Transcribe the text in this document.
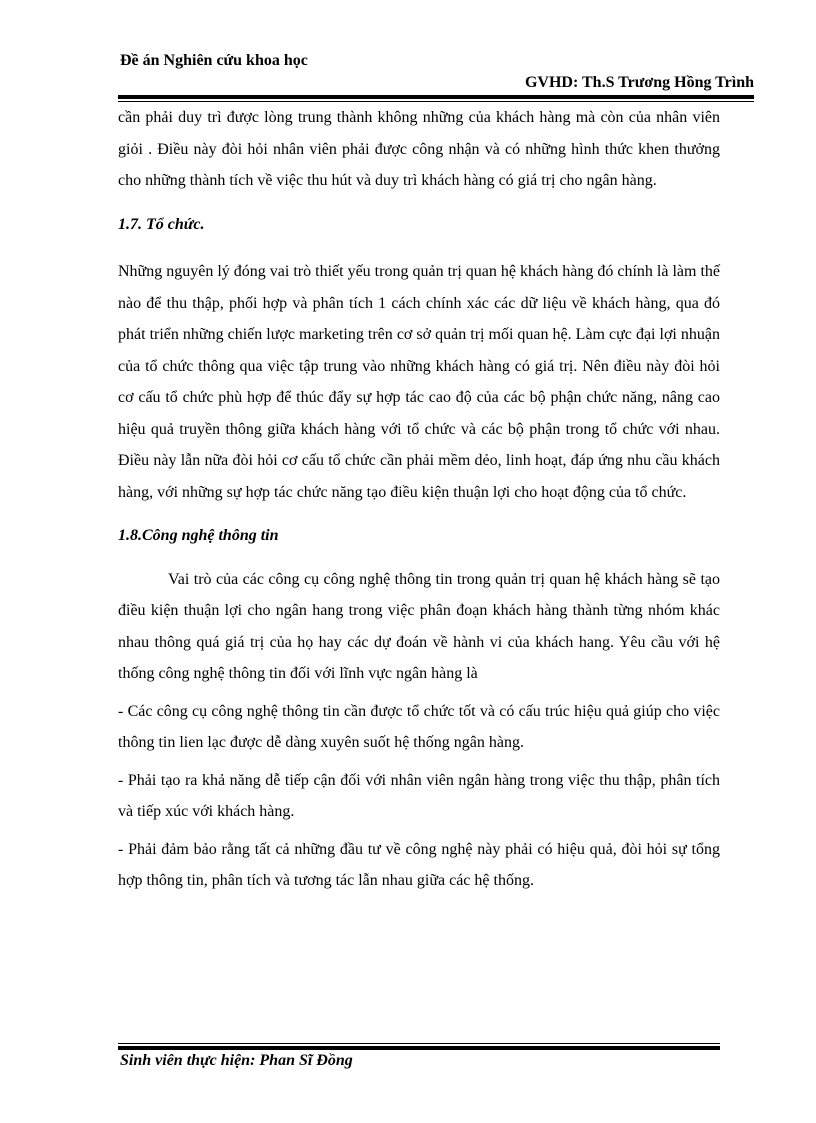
Đề án Nghiên cứu khoa học
GVHD: Th.S Trương Hồng Trình

cần phải duy trì được lòng trung thành không những của khách hàng mà còn của nhân viên giỏi . Điều này đòi hỏi nhân viên phải được công nhận và có những hình thức khen thưởng cho những thành tích về việc thu hút và duy trì khách hàng có giá trị cho ngân hàng.

1.7. Tổ chức.

Những nguyên lý đóng vai trò thiết yếu trong quản trị quan hệ khách hàng đó chính là làm thế nào để thu thập, phối hợp và phân tích 1 cách chính xác các dữ liệu về khách hàng, qua đó phát triển những chiến lược marketing trên cơ sở quản trị mối quan hệ. Làm cực đại lợi nhuận của tổ chức thông qua việc tập trung vào những khách hàng có giá trị. Nên điều này đòi hỏi cơ cấu tổ chức phù hợp để thúc đẩy sự hợp tác cao độ của các bộ phận chức năng, nâng cao hiệu quả truyền thông giữa khách hàng với tổ chức và các bộ phận trong tổ chức với nhau. Điều này lẫn nữa đòi hỏi cơ cấu tổ chức cần phải mềm dẻo, linh hoạt, đáp ứng nhu cầu khách hàng, với những sự hợp tác chức năng tạo điều kiện thuận lợi cho hoạt động của tổ chức.

1.8.Công nghệ thông tin

Vai trò của các công cụ công nghệ thông tin trong quản trị quan hệ khách hàng sẽ tạo điều kiện thuận lợi cho ngân hang trong việc phân đoạn khách hàng thành từng nhóm khác nhau thông quá giá trị của họ hay các dự đoán về hành vi của khách hang. Yêu cầu với hệ thống công nghệ thông tin đối với lĩnh vực ngân hàng là

- Các công cụ công nghệ thông tin cần được tổ chức tốt và có cấu trúc hiệu quả giúp cho việc thông tin lien lạc được dễ dàng xuyên suốt hệ thống ngân hàng.

- Phải tạo ra khả năng dễ tiếp cận đối với nhân viên ngân hàng trong việc thu thập, phân tích và tiếp xúc với khách hàng.

- Phải đảm bảo rằng tất cả những đầu tư về công nghệ này phải có hiệu quả, đòi hỏi sự tổng hợp thông tin, phân tích và tương tác lẫn nhau giữa các hệ thống.

Sinh viên thực hiện: Phan Sĩ Đồng
